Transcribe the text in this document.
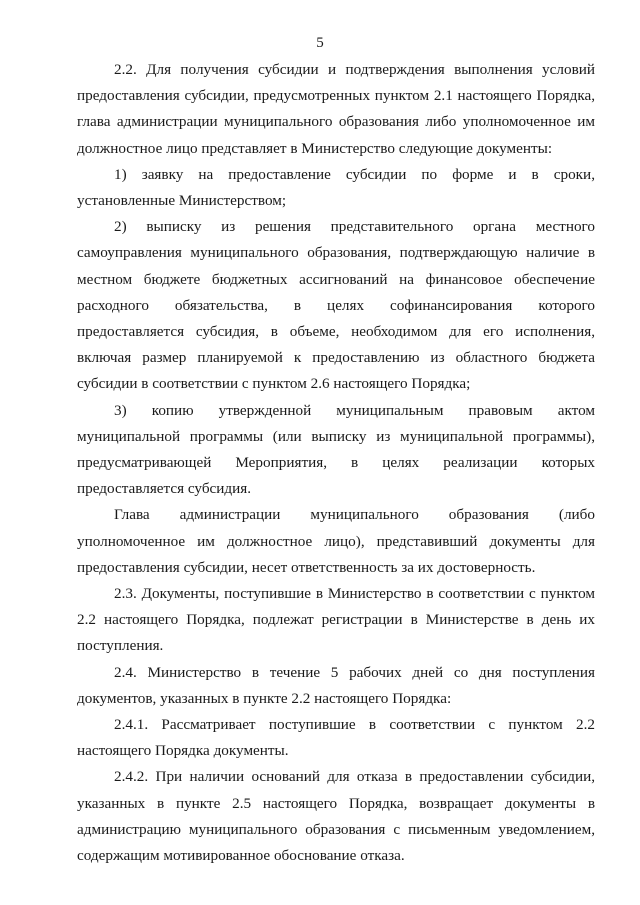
5

2.2. Для получения субсидии и подтверждения выполнения условий предоставления субсидии, предусмотренных пунктом 2.1 настоящего Порядка, глава администрации муниципального образования либо уполномоченное им должностное лицо представляет в Министерство следующие документы:

1) заявку на предоставление субсидии по форме и в сроки, установленные Министерством;

2) выписку из решения представительного органа местного самоуправления муниципального образования, подтверждающую наличие в местном бюджете бюджетных ассигнований на финансовое обеспечение расходного обязательства, в целях софинансирования которого предоставляется субсидия, в объеме, необходимом для его исполнения, включая размер планируемой к предоставлению из областного бюджета субсидии в соответствии с пунктом 2.6 настоящего Порядка;

3) копию утвержденной муниципальным правовым актом муниципальной программы (или выписку из муниципальной программы), предусматривающей Мероприятия, в целях реализации которых предоставляется субсидия.

Глава администрации муниципального образования (либо уполномоченное им должностное лицо), представивший документы для предоставления субсидии, несет ответственность за их достоверность.

2.3. Документы, поступившие в Министерство в соответствии с пунктом 2.2 настоящего Порядка, подлежат регистрации в Министерстве в день их поступления.

2.4. Министерство в течение 5 рабочих дней со дня поступления документов, указанных в пункте 2.2 настоящего Порядка:

2.4.1. Рассматривает поступившие в соответствии с пунктом 2.2 настоящего Порядка документы.

2.4.2. При наличии оснований для отказа в предоставлении субсидии, указанных в пункте 2.5 настоящего Порядка, возвращает документы в администрацию муниципального образования с письменным уведомлением, содержащим мотивированное обоснование отказа.
